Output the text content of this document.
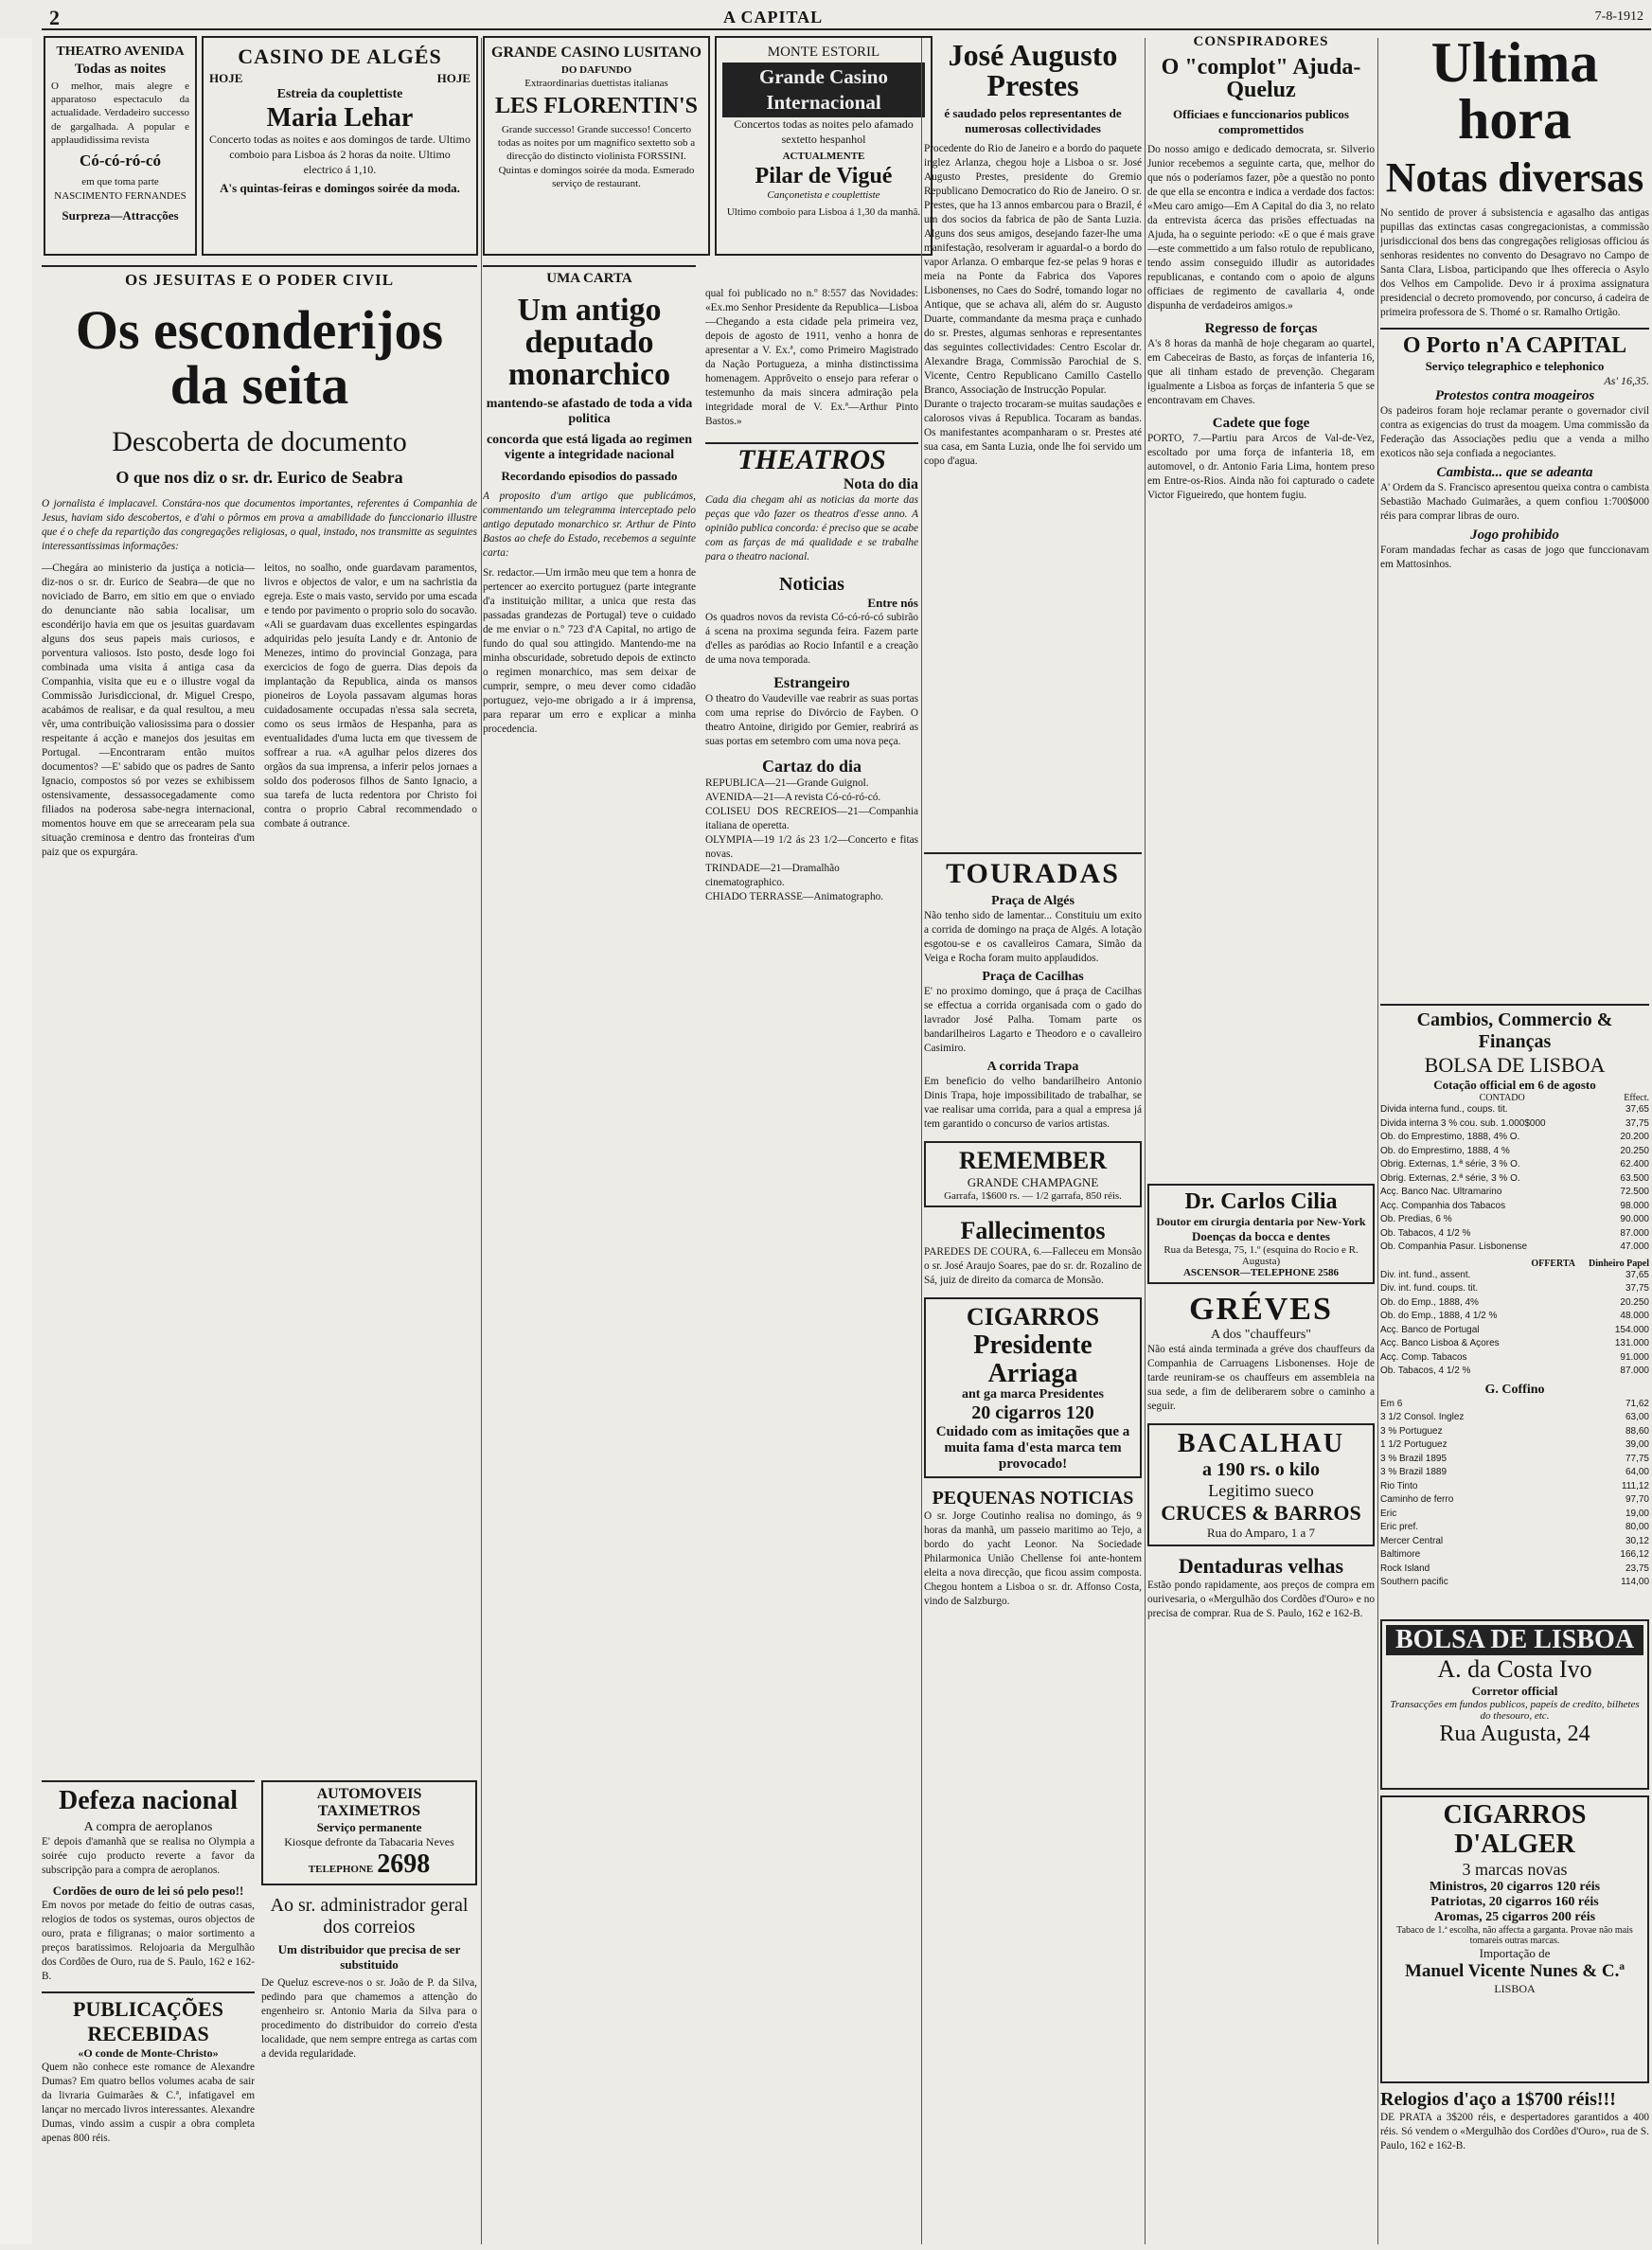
2	A CAPITAL	7-8-1912
THEATRO AVENIDA
Todas as noites
O melhor, mais alegre e apparatoso espectaculo da actualidade. Verdadeiro successo de gargalhada. A popular e applaudidissima revista
Có-có-ró-có
em que toma parte NASCIMENTO FERNANDES
Surpreza—Attracções
CASINO DE ALGÉS
HOJE	HOJE
Estreia da couplettiste
Maria Lehar
Concerto todas as noites e aos domingos de tarde. Ultimo comboio para Lisboa ás 2 horas da noite. Ultimo electrico á 1,10.
A's quintas-feiras e domingos soirée da moda.
GRANDE CASINO LUSITANO
DO DAFUNDO
Extraordinarias duettistas italianas
LES FLORENTIN'S
Grande successo! Grande successo! Concerto todas as noites por um magnifico sextetto sob a direcção do distincto violinista FORSSINI. Quintas e domingos soirée da moda. Esmerado serviço de restaurant.
MONTE ESTORIL
Grande Casino Internacional
Concertos todas as noites pelo afamado sextetto hespanhol
ACTUALMENTE
Pilar de Vigué
Cançonetista e couplettiste
Ultimo comboio para Lisboa á 1,30 da manhã.
OS JESUITAS E O PODER CIVIL
Os esconderijos da seita
Descoberta de documento
O que nos diz o sr. dr. Eurico de Seabra
O jornalista é implacavel. Constára-nos que documentos importantes, referentes á Companhia de Jesus, haviam sido descobertos, e d'ahi o pôrmos em prova a amabilidade do funccionario illustre que é o chefe da repartição das congregações religiosas, o qual, instado, nos transmitte as seguintes interessantissimas informações:
—Chegára ao ministerio da justiça a noticia—diz-nos o sr. dr. Eurico de Seabra—de que no noviciado de Barro, em sitio em que o enviado do denunciante não sabia localisar, um escondérijo havia em que os jesuitas guardavam alguns dos seus papeis mais curiosos, e porventura valiosos. Isto posto, desde logo foi combinada uma visita á antiga casa da Companhia, visita que eu e o illustre vogal da Commissão Jurisdiccional, dr. Miguel Crespo, acabámos de realisar, e da qual resultou, a meu vêr, uma contribuição valiosissima para o dossier respeitante á acção e manejos dos jesuitas em Portugal. —Encontraram então muitos documentos? —E' sabido que os padres de Santo Ignacio, compostos só por vezes se exhibissem ostensivamente, dessassocegadamente como filiados na poderosa sabe-negra internacional, momentos houve em que se arrecearam pela sua situação creminosa e dentro das fronteiras d'um paiz que os expurgára.
leitos, no soalho, onde guardavam paramentos, livros e objectos de valor, e um na sachristia da egreja. Este o mais vasto, servido por uma escada e tendo por pavimento o proprio solo do socavão. «Ali se guardavam duas excellentes espingardas adquiridas pelo jesuíta Landy e dr. Antonio de Menezes, intimo do provincial Gonzaga, para exercicios de fogo de guerra. Dias depois da implantação da Republica, ainda os mansos pioneiros de Loyola passavam algumas horas cuidadosamente occupadas n'essa sala secreta, como os seus irmãos de Hespanha, para as eventualidades d'uma lucta em que tivessem de soffrear a rua. «A agulhar pelos dizeres dos orgãos da sua imprensa, a inferir pelos jornaes a soldo dos poderosos filhos de Santo Ignacio, a sua tarefa de lucta redentora por Christo foi contra o proprio Cabral recommendado o combate á outrance.
UMA CARTA
Um antigo deputado monarchico
mantendo-se afastado de toda a vida politica
concorda que está ligada ao regimen vigente a integridade nacional
Recordando episodios do passado
A proposito d'um artigo que publicámos, commentando um telegramma interceptado pelo antigo deputado monarchico sr. Arthur de Pinto Bastos ao chefe do Estado, recebemos a seguinte carta:
Sr. redactor.—Um irmão meu que tem a honra de pertencer ao exercito portuguez (parte integrante d'a instituição militar, a unica que resta das passadas grandezas de Portugal) teve o cuidado de me enviar o n.º 723 d'A Capital, no artigo de fundo do qual sou attingido. Mantendo-me na minha obscuridade, sobretudo depois de extincto o regimen monarchico, mas sem deixar de cumprir, sempre, o meu dever como cidadão portuguez, vejo-me obrigado a ir á imprensa, para reparar um erro e explicar a minha procedencia.
qual foi publicado no n.º 8:557 das Novidades: «Ex.mo Senhor Presidente da Republica—Lisboa—Chegando a esta cidade pela primeira vez, depois de agosto de 1911, venho a honra de apresentar a V. Ex.ª, como Primeiro Magistrado da Nação Portugueza, a minha distinctissima homenagem. Apprôveito o ensejo para referar o testemunho da mais sincera admiração pela integridade moral de V. Ex.ª—Arthur Pinto Bastos.»
THEATROS
Nota do dia
Cada dia chegam ahi as noticias da morte das peças que vão fazer os theatros d'esse anno. A opinião publica concorda: é preciso que se acabe com as farças de má qualidade e se trabalhe para o theatro nacional.
Noticias
Entre nós
Os quadros novos da revista Có-có-ró-có subirão á scena na proxima segunda feira. Fazem parte d'elles as paródias ao Rocio Infantil e a creação de uma nova temporada.
Estrangeiro
O theatro do Vaudeville vae reabrir as suas portas com uma reprise do Divórcio de Fayben. O theatro Antoine, dirigido por Gemier, reabrirá as suas portas em setembro com uma nova peça.
Cartaz do dia
REPUBLICA—21—Grande Guignol.
AVENIDA—21—A revista Có-có-ró-có.
COLISEU DOS RECREIOS—21—Companhia italiana de operetta.
OLYMPIA—19 1/2 ás 23 1/2—Concerto e fitas novas.
TRINDADE—21—Dramalhão cinematographico.
CHIADO TERRASSE—Animatographo.
Defeza nacional
A compra de aeroplanos
E' depois d'amanhã que se realisa no Olympia a soirée cujo producto reverte a favor da subscripção para a compra de aeroplanos.
Cordões de ouro de lei só pelo peso!!
Em novos por metade do feitio de outras casas, relogios de todos os systemas, ouros objectos de ouro, prata e filigranas; o maior sortimento a preços baratissimos. Relojoaria da Mergulhão dos Cordões de Ouro, rua de S. Paulo, 162 e 162-B.
PUBLICAÇÕES RECEBIDAS
«O conde de Monte-Christo»
Quem não conhece este romance de Alexandre Dumas? Em quatro bellos volumes acaba de sair da livraria Guimarães & C.ª, infatigavel em lançar no mercado livros interessantes. Alexandre Dumas, vindo assim a cuspir a obra completa apenas 800 réis.
AUTOMOVEIS TAXIMETROS
Serviço permanente
Kiosque defronte da Tabacaria Neves
TELEPHONE 2698
Ao sr. administrador geral dos correios
Um distribuidor que precisa de ser substituido
De Queluz escreve-nos o sr. João de P. da Silva, pedindo para que chamemos a attenção do engenheiro sr. Antonio Maria da Silva para o procedimento do distribuidor do correio d'esta localidade, que nem sempre entrega as cartas com a devida regularidade.
José Augusto Prestes
é saudado pelos representantes de numerosas collectividades
Procedente do Rio de Janeiro e a bordo do paquete inglez Arlanza, chegou hoje a Lisboa o sr. José Augusto Prestes, presidente do Gremio Republicano Democratico do Rio de Janeiro. O sr. Prestes, que ha 13 annos embarcou para o Brazil, é um dos socios da fabrica de pão de Santa Luzia. Alguns dos seus amigos, desejando fazer-lhe uma manifestação, resolveram ir aguardal-o a bordo do vapor Arlanza. O embarque fez-se pelas 9 horas e meia na Ponte da Fabrica dos Vapores Lisbonenses, no Caes do Sodré, tomando logar no Antique, que se achava ali, além do sr. Augusto Duarte, commandante da mesma praça e cunhado do sr. Prestes, algumas senhoras e representantes das seguintes collectividades: Centro Escolar dr. Alexandre Braga, Commissão Parochial de S. Vicente, Centro Republicano Camillo Castello Branco, Associação de Instrucção Popular.
Durante o trajecto trocaram-se muitas saudações e calorosos vivas á Republica. Tocaram as bandas. Os manifestantes acompanharam o sr. Prestes até sua casa, em Santa Luzia, onde lhe foi servido um copo d'agua.
TOURADAS
Praça de Algés
Não tenho sido de lamentar... Constituiu um exito a corrida de domingo na praça de Algés. A lotação esgotou-se e os cavalleiros Camara, Simão da Veiga e Rocha foram muito applaudidos.
Praça de Cacilhas
E' no proximo domingo, que á praça de Cacilhas se effectua a corrida organisada com o gado do lavrador José Palha. Tomam parte os bandarilheiros Lagarto e Theodoro e o cavalleiro Casimiro.
A corrida Trapa
Em beneficio do velho bandarilheiro Antonio Dinis Trapa, hoje impossibilitado de trabalhar, se vae realisar uma corrida, para a qual a empresa já tem garantido o concurso de varios artistas.
REMEMBER
GRANDE CHAMPAGNE
Garrafa, 1$600 rs. — 1/2 garrafa, 850 réis.
Fallecimentos
PAREDES DE COURA, 6.—Falleceu em Monsão o sr. José Araujo Soares, pae do sr. dr. Rozalino de Sá, juiz de direito da comarca de Monsão.
CIGARROS
Presidente Arriaga
ant ga marca Presidentes
20 cigarros 120
Cuidado com as imitações que a muita fama d'esta marca tem provocado!
PEQUENAS NOTICIAS
O sr. Jorge Coutinho realisa no domingo, ás 9 horas da manhã, um passeio maritimo ao Tejo, a bordo do yacht Leonor. Na Sociedade Philarmonica União Chellense foi ante-hontem eleita a nova direcção, que ficou assim composta. Chegou hontem a Lisboa o sr. dr. Affonso Costa, vindo de Salzburgo.
CONSPIRADORES
O "complot" Ajuda-Queluz
Officiaes e funccionarios publicos compromettidos
Do nosso amigo e dedicado democrata, sr. Silverio Junior recebemos a seguinte carta, que, melhor do que nós o poderíamos fazer, põe a questão no ponto de que ella se encontra e indica a verdade dos factos: «Meu caro amigo—Em A Capital do dia 3, no relato da entrevista ácerca das prisões effectuadas na Ajuda, ha o seguinte periodo: «E o que é mais grave—este commettido a um falso rotulo de republicano, tendo assim conseguido illudir as autoridades republicanas, e contando com o apoio de alguns officiaes de regimento de cavallaria 4, onde dispunha de verdadeiros amigos.»
Regresso de forças
A's 8 horas da manhã de hoje chegaram ao quartel, em Cabeceiras de Basto, as forças de infanteria 16, que ali tinham estado de prevenção. Chegaram igualmente a Lisboa as forças de infanteria 5 que se encontravam em Chaves.
Cadete que foge
PORTO, 7.—Partiu para Arcos de Val-de-Vez, escoltado por uma força de infanteria 18, em automovel, o dr. Antonio Faria Lima, hontem preso em Entre-os-Rios. Ainda não foi capturado o cadete Victor Figueiredo, que hontem fugiu.
Dr. Carlos Cilia
Doutor em cirurgia dentaria por New-York
Doenças da bocca e dentes
Rua da Betesga, 75, 1.º (esquina do Rocio e R. Augusta)
ASCENSOR—TELEPHONE 2586
GRÉVES
A dos "chauffeurs"
Não está ainda terminada a gréve dos chauffeurs da Companhia de Carruagens Lisbonenses. Hoje de tarde reuniram-se os chauffeurs em assembleia na sua sede, a fim de deliberarem sobre o caminho a seguir.
BACALHAU
a 190 rs. o kilo
Legitimo sueco
CRUCES & BARROS
Rua do Amparo, 1 a 7
Dentaduras velhas
Estão pondo rapidamente, aos preços de compra em ourivesaria, o «Mergulhão dos Cordões d'Ouro» e no precisa de comprar. Rua de S. Paulo, 162 e 162-B.
Ultima hora
Notas diversas
No sentido de prover á subsistencia e agasalho das antigas pupillas das extinctas casas congregacionistas, a commissão jurisdiccional dos bens das congregações religiosas officiou ás senhoras residentes no convento do Desagravo no Campo de Santa Clara, Lisboa, participando que lhes offerecia o Asylo dos Velhos em Campolide. Devo ir á proxima assignatura presidencial o decreto promovendo, por concurso, á cadeira de primeira professora de S. Thomé o sr. Ramalho Ortigão.
O Porto n'A CAPITAL
Serviço telegraphico e telephonico
As' 16,35.
Protestos contra moageiros
Os padeiros foram hoje reclamar perante o governador civil contra as exigencias do trust da moagem. Uma commissão da Federação das Associações pediu que a venda a milho exoticos não seja confiada a negociantes.
Cambista... que se adeanta
A' Ordem da S. Francisco apresentou queixa contra o cambista Sebastião Machado Guimarães, a quem confiou 1:700$000 réis para comprar libras de ouro.
Jogo prohibido
Foram mandadas fechar as casas de jogo que funccionavam em Mattosinhos.
Cambios, Commercio & Finanças
BOLSA DE LISBOA
Cotação official em 6 de agosto
CONTADO	Effect.
Divida interna fund., coups. tit.	37,65
Divida interna 3 % cou. sub. 1.000$000	37,75
Ob. do Emprestimo, 1888, 4% O.	20.200
Ob. do Emprestimo, 1888, 4 %	20.250
Obrig. Externas, 1.ª série, 3 % O.	62.400
Obrig. Externas, 2.ª série, 3 % O.	63.500
Acç. Banco Nac. Ultramarino	72.500
Acç. Companhia dos Tabacos	98.000
Ob. Predias, 6 %	90.000
Ob. Tabacos, 4 1/2 %	87.000
Ob. Companhia Pasur. Lisbonense	47.000
OFFERTA Dinheiro Papel
Div. int. fund., assent.	37,65
Div. int. fund. coups. tit.	37,75
Ob. do Emp., 1888, 4%	20.250
Ob. do Emp., 1888, 4 1/2 %	48.000
Acç. Banco de Portugal	154.000
Acç. Banco Lisboa & Açores	131.000
Acç. Comp. Tabacos	91.000
Ob. Tabacos, 4 1/2 %	87.000
G. Coffino
Em 6	71,62
3 1/2 Consol. Inglez	63,00
3 % Portuguez	88,60
1 1/2 Portuguez	39,00
3 % Brazil 1895	77,75
3 % Brazil 1889	64,00
Rio Tinto	111,12
Caminho de ferro	97,70
Eric	19,00
Eric pref.	80,00
Mercer Central	30,12
Baltimore	166,12
Rock Island	23,75
Southern pacific	114,00
BOLSA DE LISBOA
A. da Costa Ivo
Corretor official
Transacções em fundos publicos, papeis de credito, bilhetes do thesouro, etc.
Rua Augusta, 24
CIGARROS D'ALGER
3 marcas novas
Ministros, 20 cigarros 120 réis
Patriotas, 20 cigarros 160 réis
Aromas, 25 cigarros 200 réis
Tabaco de 1.ª escolha, não affecta a garganta. Provae não mais tomareis outras marcas.
Importação de
Manuel Vicente Nunes & C.ª
LISBOA
Relogios d'aço a 1$700 réis!!!
DE PRATA a 3$200 réis, e despertadores garantidos a 400 réis. Só vendem o «Mergulhão dos Cordões d'Ouro», rua de S. Paulo, 162 e 162-B.
